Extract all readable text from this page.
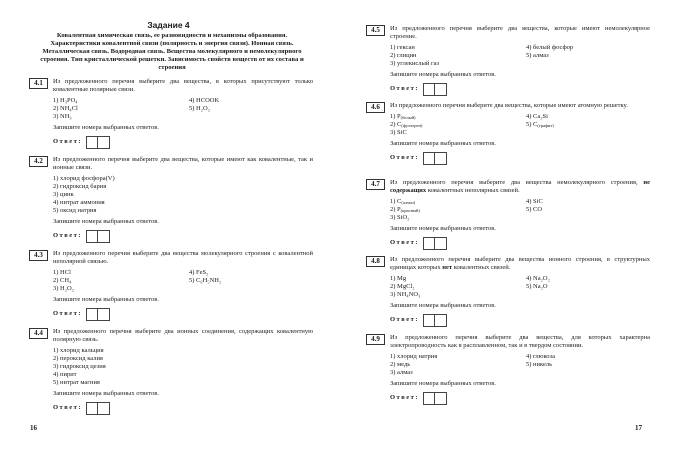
Задание 4
Ковалентная химическая связь, ее разновидности и механизмы образования. Характеристики ковалентной связи (полярность и энергия связи). Ионная связь. Металлическая связь. Водородная связь. Вещества молекулярного и немолекулярного строения. Тип кристаллической решетки. Зависимость свойств веществ от их состава и строения
4.1	Из предложенного перечня выберите два вещества, в которых присутствуют только ковалентные полярные связи.
1) H₃PO₄
2) NH₄Cl
3) NH₃
4) HCOOK
5) H₂O₂
Запишите номера выбранных ответов.
Ответ:
4.2	Из предложенного перечня выберите два вещества, которые имеют как ковалентные, так и ионные связи.
1) хлорид фосфора(V)
2) гидроксид бария
3) цинк
4) нитрат аммония
5) оксид натрия
Запишите номера выбранных ответов.
Ответ:
4.3	Из предложенного перечня выберите два вещества молекулярного строения с ковалентной неполярной связью.
1) HCl
2) CH₄
3) H₂O₂
4) FeS₂
5) C₆H₅NH₂
Запишите номера выбранных ответов.
Ответ:
4.4	Из предложенного перечня выберите два ионных соединения, содержащих ковалентную полярную связь.
1) хлорид кальция
2) пероксид калия
3) гидроксид цезия
4) пирит
5) нитрат магния
Запишите номера выбранных ответов.
Ответ:
16
4.5	Из предложенного перечня выберите два вещества, которые имеют немолекулярное строение.
1) гексан
2) глицин
3) углекислый газ
4) белый фосфор
5) алмаз
Запишите номера выбранных ответов.
Ответ:
4.6	Из предложенного перечня выберите два вещества, которые имеют атомную решетку.
1) $P_{(белый)}$
2) $C_{(фуллерен)}$
3) SiC
4) Ca₂Si
5) $C_{(графит)}$
Запишите номера выбранных ответов.
Ответ:
4.7	Из предложенного перечня выберите два вещества немолекулярного строения, не содержащих ковалентных неполярных связей.
1) $C_{(алмаз)}$
2) $P_{(красный)}$
3) SiO₂
4) SiC
5) CO
Запишите номера выбранных ответов.
Ответ:
4.8	Из предложенного перечня выберите два вещества ионного строения, в структурных единицах которых нет ковалентных связей.
1) Mg
2) MgCl₂
3) NH₄NO₃
4) Na₂O₂
5) Na₂O
Запишите номера выбранных ответов.
Ответ:
4.9	Из предложенного перечня выберите два вещества, для которых характерна электропроводность как в расплавленном, так и в твердом состоянии.
1) хлорид натрия
2) медь
3) алмаз
4) глюкоза
5) никель
Запишите номера выбранных ответов.
Ответ:
17
